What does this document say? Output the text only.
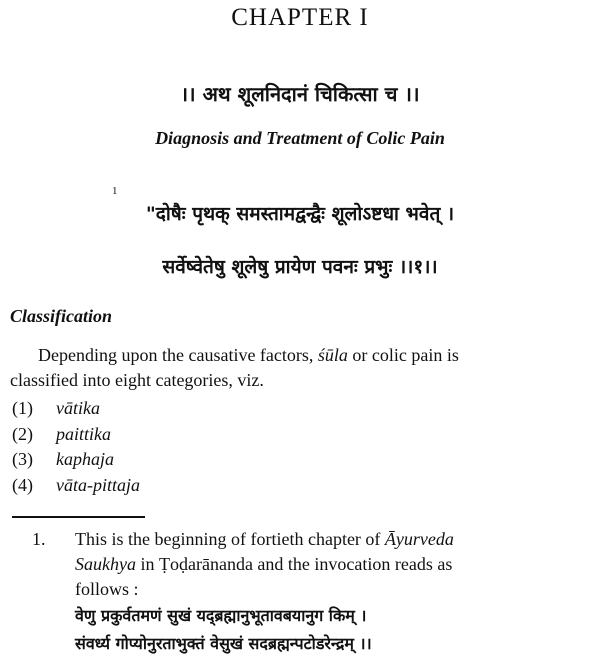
CHAPTER I
।। अथ शूलनिदानं चिकित्सा च ।।
Diagnosis and Treatment of Colic Pain
1
"दोषैः पृथक् समस्तामद्वन्द्वैः शूलोऽष्टधा भवेत् ।
सर्वेष्वेतेषु शूलेषु प्रायेण पवनः प्रभुः ।।१।।
Classification
Depending upon the causative factors, śūla or colic pain is
classified into eight categories, viz.
(1) vātika
(2) paittika
(3) kaphaja
(4) vāta-pittaja
1. This is the beginning of fortieth chapter of Āyurveda
Saukhya in Ṭoḍarānanda and the invocation reads as
follows :
वेणु प्रकुर्वतमणं सुखं यद्ब्रह्मानुभूतावबयानुग किम् ।
संवर्ध्य गोप्योनुरताभुक्तं वेसुखं सदब्रह्मन्पटोडरेन्द्रम् ।।
